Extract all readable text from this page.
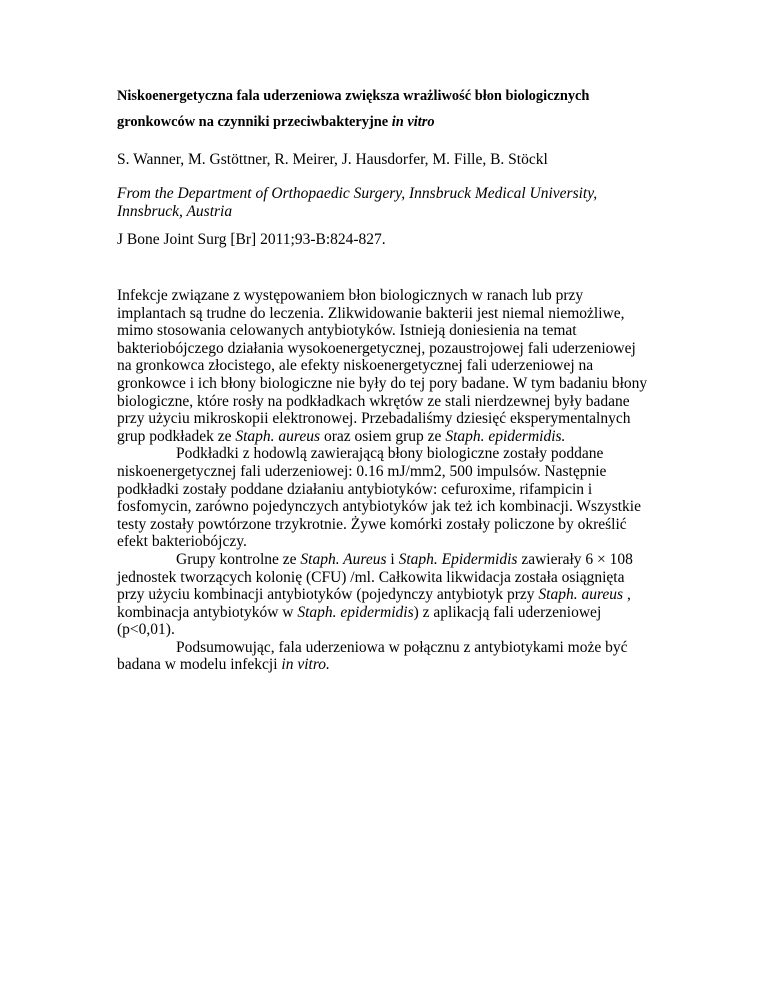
Niskoenergetyczna fala uderzeniowa zwiększa wrażliwość błon biologicznych
gronkowców na czynniki przeciwbakteryjne in vitro

S. Wanner, M. Gstöttner, R. Meirer, J. Hausdorfer, M. Fille, B. Stöckl

From the Department of Orthopaedic Surgery, Innsbruck Medical University,
Innsbruck, Austria

J Bone Joint Surg [Br] 2011;93-B:824-827.

Infekcje związane z występowaniem błon biologicznych w ranach lub przy
implantach są trudne do leczenia. Zlikwidowanie bakterii jest niemal niemożliwe,
mimo stosowania celowanych antybiotyków. Istnieją doniesienia na temat
bakteriobójczego działania wysokoenergetycznej, pozaustrojowej fali uderzeniowej
na gronkowca złocistego, ale efekty niskoenergetycznej fali uderzeniowej na
gronkowce i ich błony biologiczne nie były do tej pory badane. W tym badaniu błony
biologiczne, które rosły na podkładkach wkrętów ze stali nierdzewnej były badane
przy użyciu mikroskopii elektronowej. Przebadaliśmy dziesięć eksperymentalnych
grup podkładek ze Staph. aureus oraz osiem grup ze Staph. epidermidis.

Podkładki z hodowlą zawierającą błony biologiczne zostały poddane
niskoenergetycznej fali uderzeniowej: 0.16 mJ/mm2, 500 impulsów. Następnie
podkładki zostały poddane działaniu antybiotyków: cefuroxime, rifampicin i
fosfomycin, zarówno pojedynczych antybiotyków jak też ich kombinacji. Wszystkie
testy zostały powtórzone trzykrotnie. Żywe komórki zostały policzone by określić
efekt bakteriobójczy.

Grupy kontrolne ze Staph. Aureus i Staph. Epidermidis zawierały 6 × 108
jednostek tworzących kolonię (CFU) /ml. Całkowita likwidacja została osiągnięta
przy użyciu kombinacji antybiotyków (pojedynczy antybiotyk przy Staph. aureus ,
kombinacja antybiotyków w Staph. epidermidis) z aplikacją fali uderzeniowej
(p<0,01).

Podsumowując, fala uderzeniowa w połącznu z antybiotykami może być
badana w modelu infekcji in vitro.
